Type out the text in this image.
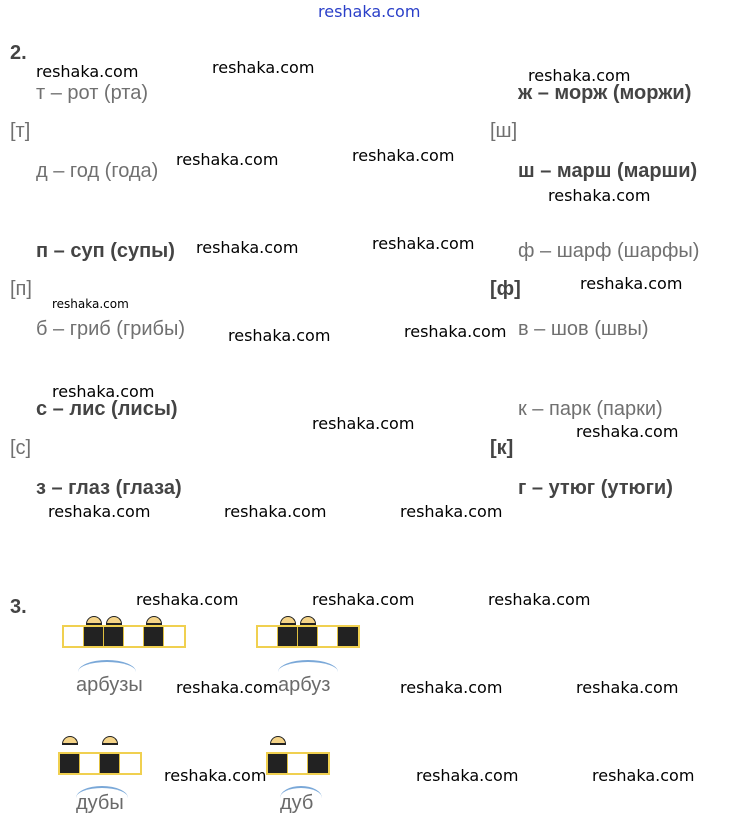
reshaka.com
2.
т – рот (рта)
[т]
д – год (года)
п – суп (супы)
[п]
б – гриб (грибы)
с – лис (лисы)
[с]
з – глаз (глаза)
ж – морж (моржи)
[ш]
ш – марш (марши)
ф – шарф (шарфы)
[ф]
в – шов (швы)
к – парк (парки)
[к]
г – утюг (утюги)
3.
арбузы	арбуз
дубы	дуб
reshaka.com	reshaka.com	reshaka.com
reshaka.com	reshaka.com
reshaka.com
reshaka.com	reshaka.com
reshaka.com
reshaka.com
reshaka.com	reshaka.com
reshaka.com
reshaka.com	reshaka.com
reshaka.com	reshaka.com	reshaka.com
reshaka.com	reshaka.com	reshaka.com
reshaka.com	reshaka.com	reshaka.com
reshaka.com	reshaka.com	reshaka.com
